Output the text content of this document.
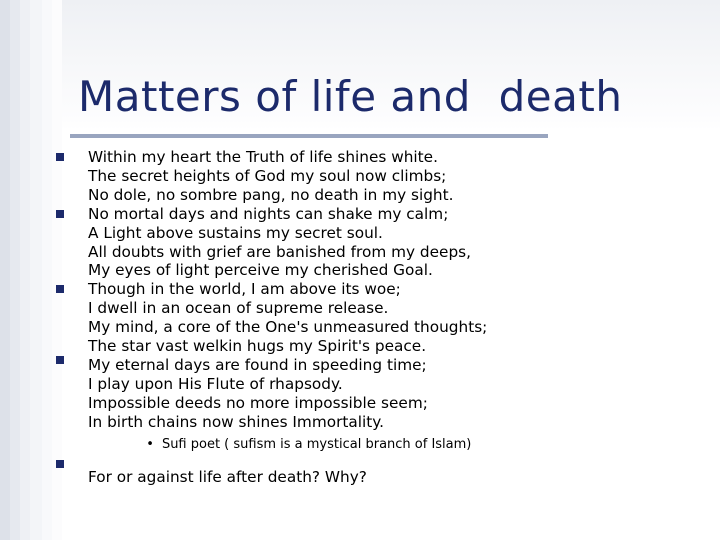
Matters of life and  death
Within my heart the Truth of life shines white.
The secret heights of God my soul now climbs;
No dole, no sombre pang, no death in my sight.
No mortal days and nights can shake my calm;
A Light above sustains my secret soul.
All doubts with grief are banished from my deeps,
My eyes of light perceive my cherished Goal.
Though in the world, I am above its woe;
I dwell in an ocean of supreme release.
My mind, a core of the One's unmeasured thoughts;
The star vast welkin hugs my Spirit's peace.
My eternal days are found in speeding time;
I play upon His Flute of rhapsody.
Impossible deeds no more impossible seem;
In birth chains now shines Immortality.

• Sufi poet ( sufism is a mystical branch of Islam)

For or against life after death? Why?
